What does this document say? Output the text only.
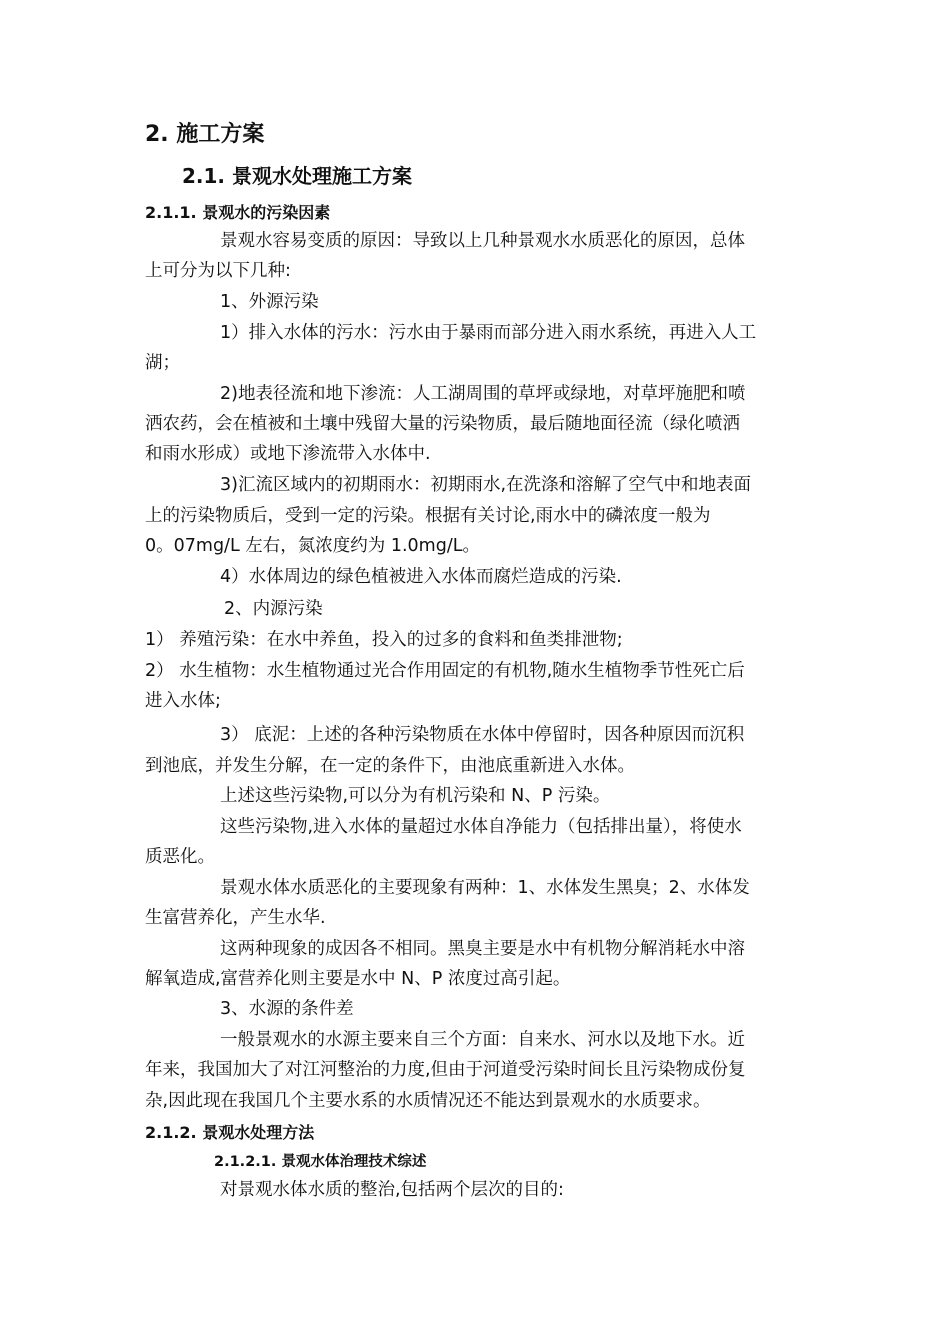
2. 施工方案
2.1. 景观水处理施工方案
2.1.1. 景观水的污染因素
景观水容易变质的原因：导致以上几种景观水水质恶化的原因，总体
上可分为以下几种:
1、外源污染
1）排入水体的污水：污水由于暴雨而部分进入雨水系统，再进入人工
湖；
2)地表径流和地下渗流：人工湖周围的草坪或绿地，对草坪施肥和喷
洒农药，会在植被和土壤中残留大量的污染物质，最后随地面径流（绿化喷洒
和雨水形成）或地下渗流带入水体中.
3)汇流区域内的初期雨水：初期雨水,在洗涤和溶解了空气中和地表面
上的污染物质后，受到一定的污染。根据有关讨论,雨水中的磷浓度一般为
0。07mg/L 左右，氮浓度约为 1.0mg/L。
4）水体周边的绿色植被进入水体而腐烂造成的污染.
2、内源污染
1） 养殖污染：在水中养鱼，投入的过多的食料和鱼类排泄物;
2） 水生植物：水生植物通过光合作用固定的有机物,随水生植物季节性死亡后
进入水体;
3） 底泥：上述的各种污染物质在水体中停留时，因各种原因而沉积
到池底，并发生分解，在一定的条件下，由池底重新进入水体。
上述这些污染物,可以分为有机污染和 N、P 污染。
这些污染物,进入水体的量超过水体自净能力（包括排出量），将使水
质恶化。
景观水体水质恶化的主要现象有两种：1、水体发生黑臭；2、水体发
生富营养化，产生水华.
这两种现象的成因各不相同。黑臭主要是水中有机物分解消耗水中溶
解氧造成,富营养化则主要是水中 N、P 浓度过高引起。
3、水源的条件差
一般景观水的水源主要来自三个方面：自来水、河水以及地下水。近
年来，我国加大了对江河整治的力度,但由于河道受污染时间长且污染物成份复
杂,因此现在我国几个主要水系的水质情况还不能达到景观水的水质要求。
2.1.2. 景观水处理方法
2.1.2.1. 景观水体治理技术综述
对景观水体水质的整治,包括两个层次的目的:
